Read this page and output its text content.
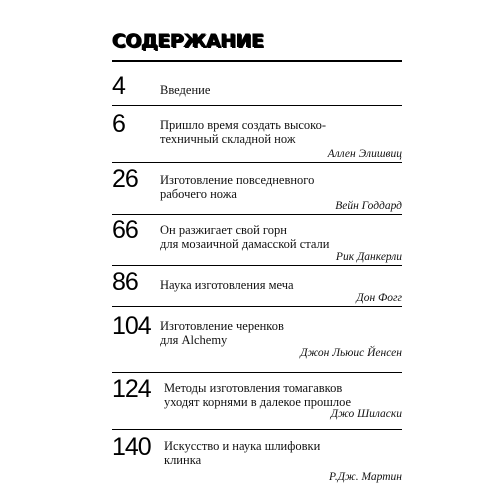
СОДЕРЖАНИЕ
4	Введение
6	Пришло время создать высоко-
техничный складной нож
Аллен Элишвиц
26 Изготовление повседневного
рабочего ножа
Вейн Годдард
66 Он разжигает свой горн
для мозаичной дамасской стали
Рик Данкерли
86 Наука изготовления меча
Дон Фогг
104 Изготовление черенков
для Alchemy
Джон Льюис Йенсен
124 Методы изготовления томагавков
уходят корнями в далекое прошлое
Джо Шиласки
140 Искусство и наука шлифовки
клинка
Р.Дж. Мартин
